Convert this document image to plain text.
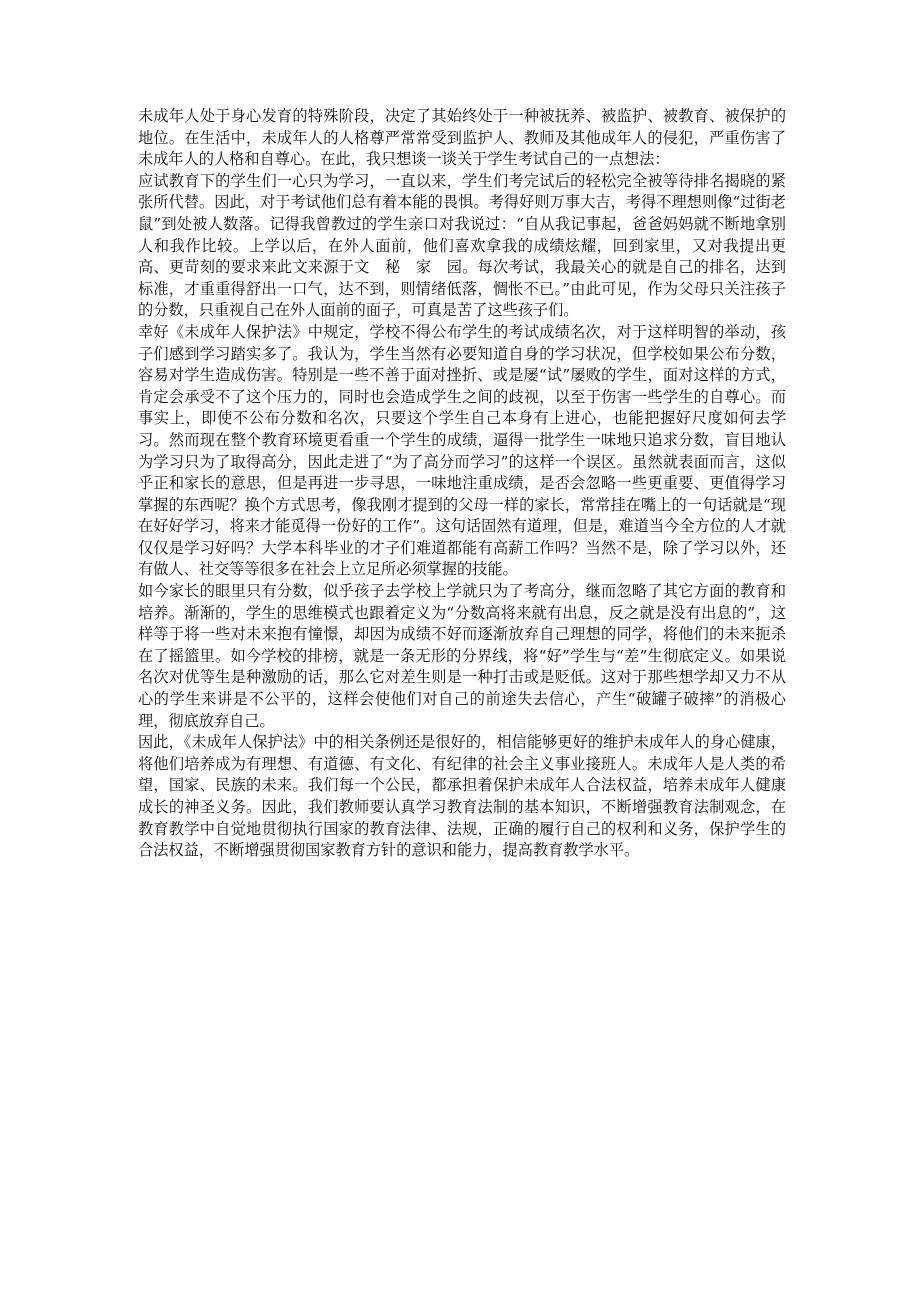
未成年人处于身心发育的特殊阶段，决定了其始终处于一种被抚养、被监护、被教育、被保护的地位。在生活中，未成年人的人格尊严常常受到监护人、教师及其他成年人的侵犯，严重伤害了未成年人的人格和自尊心。在此，我只想谈一谈关于学生考试自己的一点想法：

应试教育下的学生们一心只为学习，一直以来，学生们考完试后的轻松完全被等待排名揭晓的紧张所代替。因此，对于考试他们总有着本能的畏惧。考得好则万事大吉，考得不理想则像“过街老鼠”到处被人数落。记得我曾教过的学生亲口对我说过：“自从我记事起，爸爸妈妈就不断地拿别人和我作比较。上学以后，在外人面前，他们喜欢拿我的成绩炫耀，回到家里，又对我提出更高、更苛刻的要求来此文来源于文　秘　家　园。每次考试，我最关心的就是自己的排名，达到标准，才重重得舒出一口气，达不到，则情绪低落，惆怅不已。”由此可见，作为父母只关注孩子的分数，只重视自己在外人面前的面子，可真是苦了这些孩子们。

幸好《未成年人保护法》中规定，学校不得公布学生的考试成绩名次，对于这样明智的举动，孩子们感到学习踏实多了。我认为，学生当然有必要知道自身的学习状况，但学校如果公布分数，容易对学生造成伤害。特别是一些不善于面对挫折、或是屡“试”屡败的学生，面对这样的方式，肯定会承受不了这个压力的，同时也会造成学生之间的歧视，以至于伤害一些学生的自尊心。而事实上，即使不公布分数和名次，只要这个学生自己本身有上进心，也能把握好尺度如何去学习。然而现在整个教育环境更看重一个学生的成绩，逼得一批学生一味地只追求分数，盲目地认为学习只为了取得高分，因此走进了“为了高分而学习”的这样一个误区。虽然就表面而言，这似乎正和家长的意思，但是再进一步寻思，一味地注重成绩，是否会忽略一些更重要、更值得学习掌握的东西呢？换个方式思考，像我刚才提到的父母一样的家长，常常挂在嘴上的一句话就是“现在好好学习，将来才能觅得一份好的工作”。这句话固然有道理，但是，难道当今全方位的人才就仅仅是学习好吗？大学本科毕业的才子们难道都能有高薪工作吗？当然不是，除了学习以外，还有做人、社交等等很多在社会上立足所必须掌握的技能。

如今家长的眼里只有分数，似乎孩子去学校上学就只为了考高分，继而忽略了其它方面的教育和培养。渐渐的，学生的思维模式也跟着定义为“分数高将来就有出息，反之就是没有出息的”，这样等于将一些对未来抱有憧憬，却因为成绩不好而逐渐放弃自己理想的同学，将他们的未来扼杀在了摇篮里。如今学校的排榜，就是一条无形的分界线，将“好”学生与“差”生彻底定义。如果说名次对优等生是种激励的话，那么它对差生则是一种打击或是贬低。这对于那些想学却又力不从心的学生来讲是不公平的，这样会使他们对自己的前途失去信心，产生“破罐子破摔”的消极心理，彻底放弃自己。

因此，《未成年人保护法》中的相关条例还是很好的，相信能够更好的维护未成年人的身心健康，将他们培养成为有理想、有道德、有文化、有纪律的社会主义事业接班人。未成年人是人类的希望，国家、民族的未来。我们每一个公民，都承担着保护未成年人合法权益，培养未成年人健康成长的神圣义务。因此，我们教师要认真学习教育法制的基本知识，不断增强教育法制观念，在教育教学中自觉地贯彻执行国家的教育法律、法规，正确的履行自己的权利和义务，保护学生的合法权益，不断增强贯彻国家教育方针的意识和能力，提高教育教学水平。
